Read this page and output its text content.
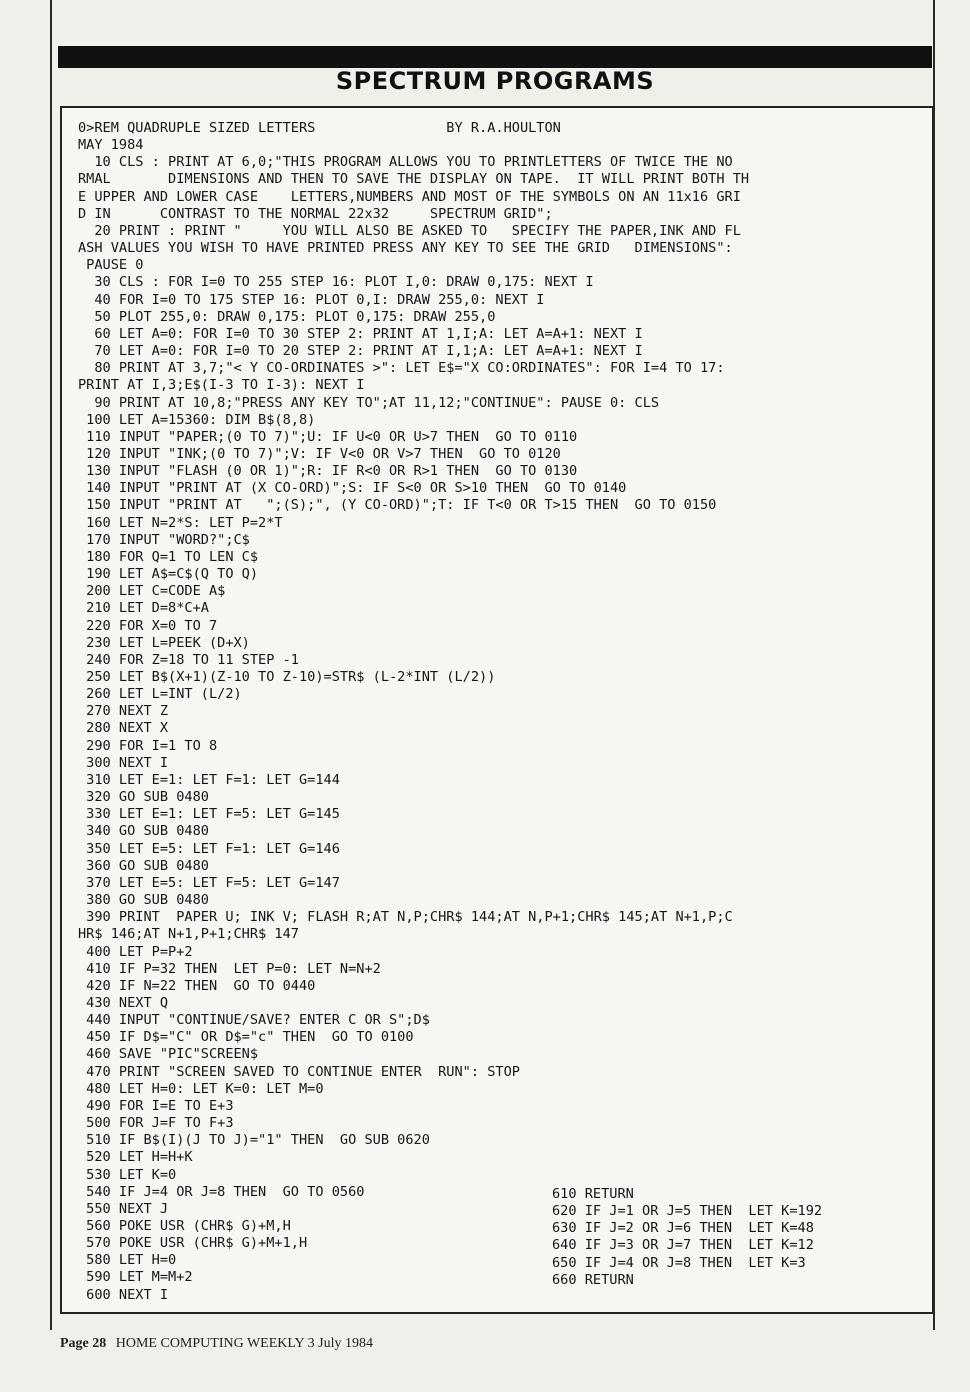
SPECTRUM PROGRAMS
0>REM QUADRUPLE SIZED LETTERS                BY R.A.HOULTON
MAY 1984
10 CLS : PRINT AT 6,0;"THIS PROGRAM ALLOWS YOU TO PRINTLETTERS OF TWICE THE NO
RMAL       DIMENSIONS AND THEN TO SAVE THE DISPLAY ON TAPE.  IT WILL PRINT BOTH TH
E UPPER AND LOWER CASE    LETTERS,NUMBERS AND MOST OF THE SYMBOLS ON AN 11x16 GRI
D IN      CONTRAST TO THE NORMAL 22x32     SPECTRUM GRID";
20 PRINT : PRINT "     YOU WILL ALSO BE ASKED TO   SPECIFY THE PAPER,INK AND FL
ASH VALUES YOU WISH TO HAVE PRINTED PRESS ANY KEY TO SEE THE GRID   DIMENSIONS":
PAUSE 0
30 CLS : FOR I=0 TO 255 STEP 16: PLOT I,0: DRAW 0,175: NEXT I
40 FOR I=0 TO 175 STEP 16: PLOT 0,I: DRAW 255,0: NEXT I
50 PLOT 255,0: DRAW 0,175: PLOT 0,175: DRAW 255,0
60 LET A=0: FOR I=0 TO 30 STEP 2: PRINT AT 1,I;A: LET A=A+1: NEXT I
70 LET A=0: FOR I=0 TO 20 STEP 2: PRINT AT I,1;A: LET A=A+1: NEXT I
80 PRINT AT 3,7;"< Y CO-ORDINATES >": LET E$="X CO:ORDINATES": FOR I=4 TO 17:
PRINT AT I,3;E$(I-3 TO I-3): NEXT I
90 PRINT AT 10,8;"PRESS ANY KEY TO";AT 11,12;"CONTINUE": PAUSE 0: CLS
100 LET A=15360: DIM B$(8,8)
110 INPUT "PAPER;(0 TO 7)";U: IF U<0 OR U>7 THEN  GO TO 0110
120 INPUT "INK;(0 TO 7)";V: IF V<0 OR V>7 THEN  GO TO 0120
130 INPUT "FLASH (0 OR 1)";R: IF R<0 OR R>1 THEN  GO TO 0130
140 INPUT "PRINT AT (X CO-ORD)";S: IF S<0 OR S>10 THEN  GO TO 0140
150 INPUT "PRINT AT   ";(S);", (Y CO-ORD)";T: IF T<0 OR T>15 THEN  GO TO 0150
160 LET N=2*S: LET P=2*T
170 INPUT "WORD?";C$
180 FOR Q=1 TO LEN C$
190 LET A$=C$(Q TO Q)
200 LET C=CODE A$
210 LET D=8*C+A
220 FOR X=0 TO 7
230 LET L=PEEK (D+X)
240 FOR Z=18 TO 11 STEP -1
250 LET B$(X+1)(Z-10 TO Z-10)=STR$ (L-2*INT (L/2))
260 LET L=INT (L/2)
270 NEXT Z
280 NEXT X
290 FOR I=1 TO 8
300 NEXT I
310 LET E=1: LET F=1: LET G=144
320 GO SUB 0480
330 LET E=1: LET F=5: LET G=145
340 GO SUB 0480
350 LET E=5: LET F=1: LET G=146
360 GO SUB 0480
370 LET E=5: LET F=5: LET G=147
380 GO SUB 0480
390 PRINT  PAPER U; INK V; FLASH R;AT N,P;CHR$ 144;AT N,P+1;CHR$ 145;AT N+1,P;C
HR$ 146;AT N+1,P+1;CHR$ 147
400 LET P=P+2
410 IF P=32 THEN  LET P=0: LET N=N+2
420 IF N=22 THEN  GO TO 0440
430 NEXT Q
440 INPUT "CONTINUE/SAVE? ENTER C OR S";D$
450 IF D$="C" OR D$="c" THEN  GO TO 0100
460 SAVE "PIC"SCREEN$
470 PRINT "SCREEN SAVED TO CONTINUE ENTER  RUN": STOP
480 LET H=0: LET K=0: LET M=0
490 FOR I=E TO E+3
500 FOR J=F TO F+3
510 IF B$(I)(J TO J)="1" THEN  GO SUB 0620
520 LET H=H+K
530 LET K=0
540 IF J=4 OR J=8 THEN  GO TO 0560
550 NEXT J
560 POKE USR (CHR$ G)+M,H
570 POKE USR (CHR$ G)+M+1,H
580 LET H=0
590 LET M=M+2
600 NEXT I
610 RETURN
620 IF J=1 OR J=5 THEN  LET K=192
630 IF J=2 OR J=6 THEN  LET K=48
640 IF J=3 OR J=7 THEN  LET K=12
650 IF J=4 OR J=8 THEN  LET K=3
660 RETURN
Page 28 HOME COMPUTING WEEKLY 3 July 1984
